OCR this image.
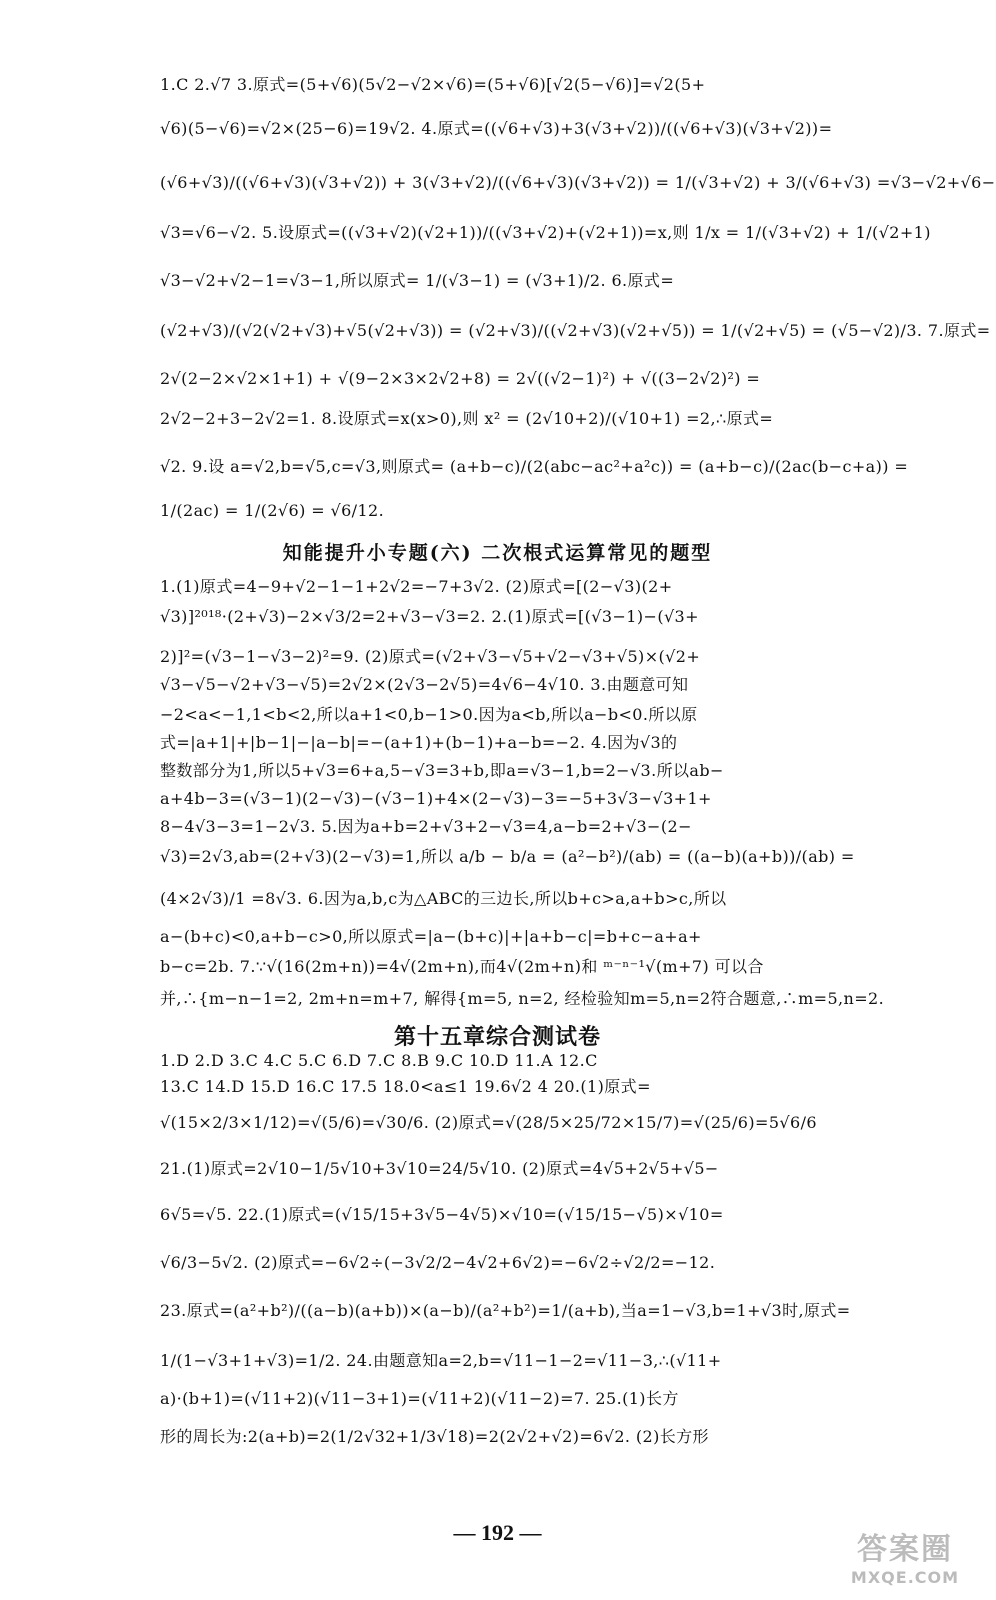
1.C 2.√7 3.原式=(5+√6)(5√2−√2×√6)=(5+√6)[√2(5−√6)]=√2(5+
√6)(5−√6)=√2×(25−6)=19√2. 4.原式=((√6+√3)+3(√3+√2))/((√6+√3)(√3+√2))=
(√6+√3)/((√6+√3)(√3+√2)) + 3(√3+√2)/((√6+√3)(√3+√2)) = 1/(√3+√2) + 3/(√6+√3) =√3−√2+√6−
√3=√6−√2. 5.设原式=((√3+√2)(√2+1))/((√3+√2)+(√2+1))=x,则 1/x = 1/(√3+√2) + 1/(√2+1)
√3−√2+√2−1=√3−1,所以原式= 1/(√3−1) = (√3+1)/2. 6.原式=
(√2+√3)/(√2(√2+√3)+√5(√2+√3)) = (√2+√3)/((√2+√3)(√2+√5)) = 1/(√2+√5) = (√5−√2)/3. 7.原式=
2√(2−2×√2×1+1) + √(9−2×3×2√2+8) = 2√((√2−1)²) + √((3−2√2)²) =
2√2−2+3−2√2=1. 8.设原式=x(x>0),则 x² = (2√10+2)/(√10+1) =2,∴原式=
√2. 9.设 a=√2,b=√5,c=√3,则原式= (a+b−c)/(2(abc−ac²+a²c)) = (a+b−c)/(2ac(b−c+a)) =
1/(2ac) = 1/(2√6) = √6/12.
知能提升小专题(六) 二次根式运算常见的题型
1.(1)原式=4−9+√2−1−1+2√2=−7+3√2. (2)原式=[(2−√3)(2+
√3)]²⁰¹⁸·(2+√3)−2×√3/2=2+√3−√3=2. 2.(1)原式=[(√3−1)−(√3+
2)]²=(√3−1−√3−2)²=9. (2)原式=(√2+√3−√5+√2−√3+√5)×(√2+
√3−√5−√2+√3−√5)=2√2×(2√3−2√5)=4√6−4√10. 3.由题意可知
−2<a<−1,1<b<2,所以a+1<0,b−1>0.因为a<b,所以a−b<0.所以原
式=|a+1|+|b−1|−|a−b|=−(a+1)+(b−1)+a−b=−2. 4.因为√3的
整数部分为1,所以5+√3=6+a,5−√3=3+b,即a=√3−1,b=2−√3.所以ab−
a+4b−3=(√3−1)(2−√3)−(√3−1)+4×(2−√3)−3=−5+3√3−√3+1+
8−4√3−3=1−2√3. 5.因为a+b=2+√3+2−√3=4,a−b=2+√3−(2−
√3)=2√3,ab=(2+√3)(2−√3)=1,所以 a/b − b/a = (a²−b²)/(ab) = ((a−b)(a+b))/(ab) =
(4×2√3)/1 =8√3. 6.因为a,b,c为△ABC的三边长,所以b+c>a,a+b>c,所以
a−(b+c)<0,a+b−c>0,所以原式=|a−(b+c)|+|a+b−c|=b+c−a+a+
b−c=2b. 7.∵√(16(2m+n))=4√(2m+n),而4√(2m+n)和 ᵐ⁻ⁿ⁻¹√(m+7) 可以合
并,∴{m−n−1=2, 2m+n=m+7, 解得{m=5, n=2, 经检验知m=5,n=2符合题意,∴m=5,n=2.
第十五章综合测试卷
1.D 2.D 3.C 4.C 5.C 6.D 7.C 8.B 9.C 10.D 11.A 12.C
13.C 14.D 15.D 16.C 17.5 18.0<a≤1 19.6√2 4 20.(1)原式=
√(15×2/3×1/12)=√(5/6)=√30/6. (2)原式=√(28/5×25/72×15/7)=√(25/6)=5√6/6
21.(1)原式=2√10−1/5√10+3√10=24/5√10. (2)原式=4√5+2√5+√5−
6√5=√5. 22.(1)原式=(√15/15+3√5−4√5)×√10=(√15/15−√5)×√10=
√6/3−5√2. (2)原式=−6√2÷(−3√2/2−4√2+6√2)=−6√2÷√2/2=−12.
23.原式=(a²+b²)/((a−b)(a+b))×(a−b)/(a²+b²)=1/(a+b),当a=1−√3,b=1+√3时,原式=
1/(1−√3+1+√3)=1/2. 24.由题意知a=2,b=√11−1−2=√11−3,∴(√11+
a)·(b+1)=(√11+2)(√11−3+1)=(√11+2)(√11−2)=7. 25.(1)长方
形的周长为:2(a+b)=2(1/2√32+1/3√18)=2(2√2+√2)=6√2. (2)长方形
— 192 —	答案圈
MXQE.COM
